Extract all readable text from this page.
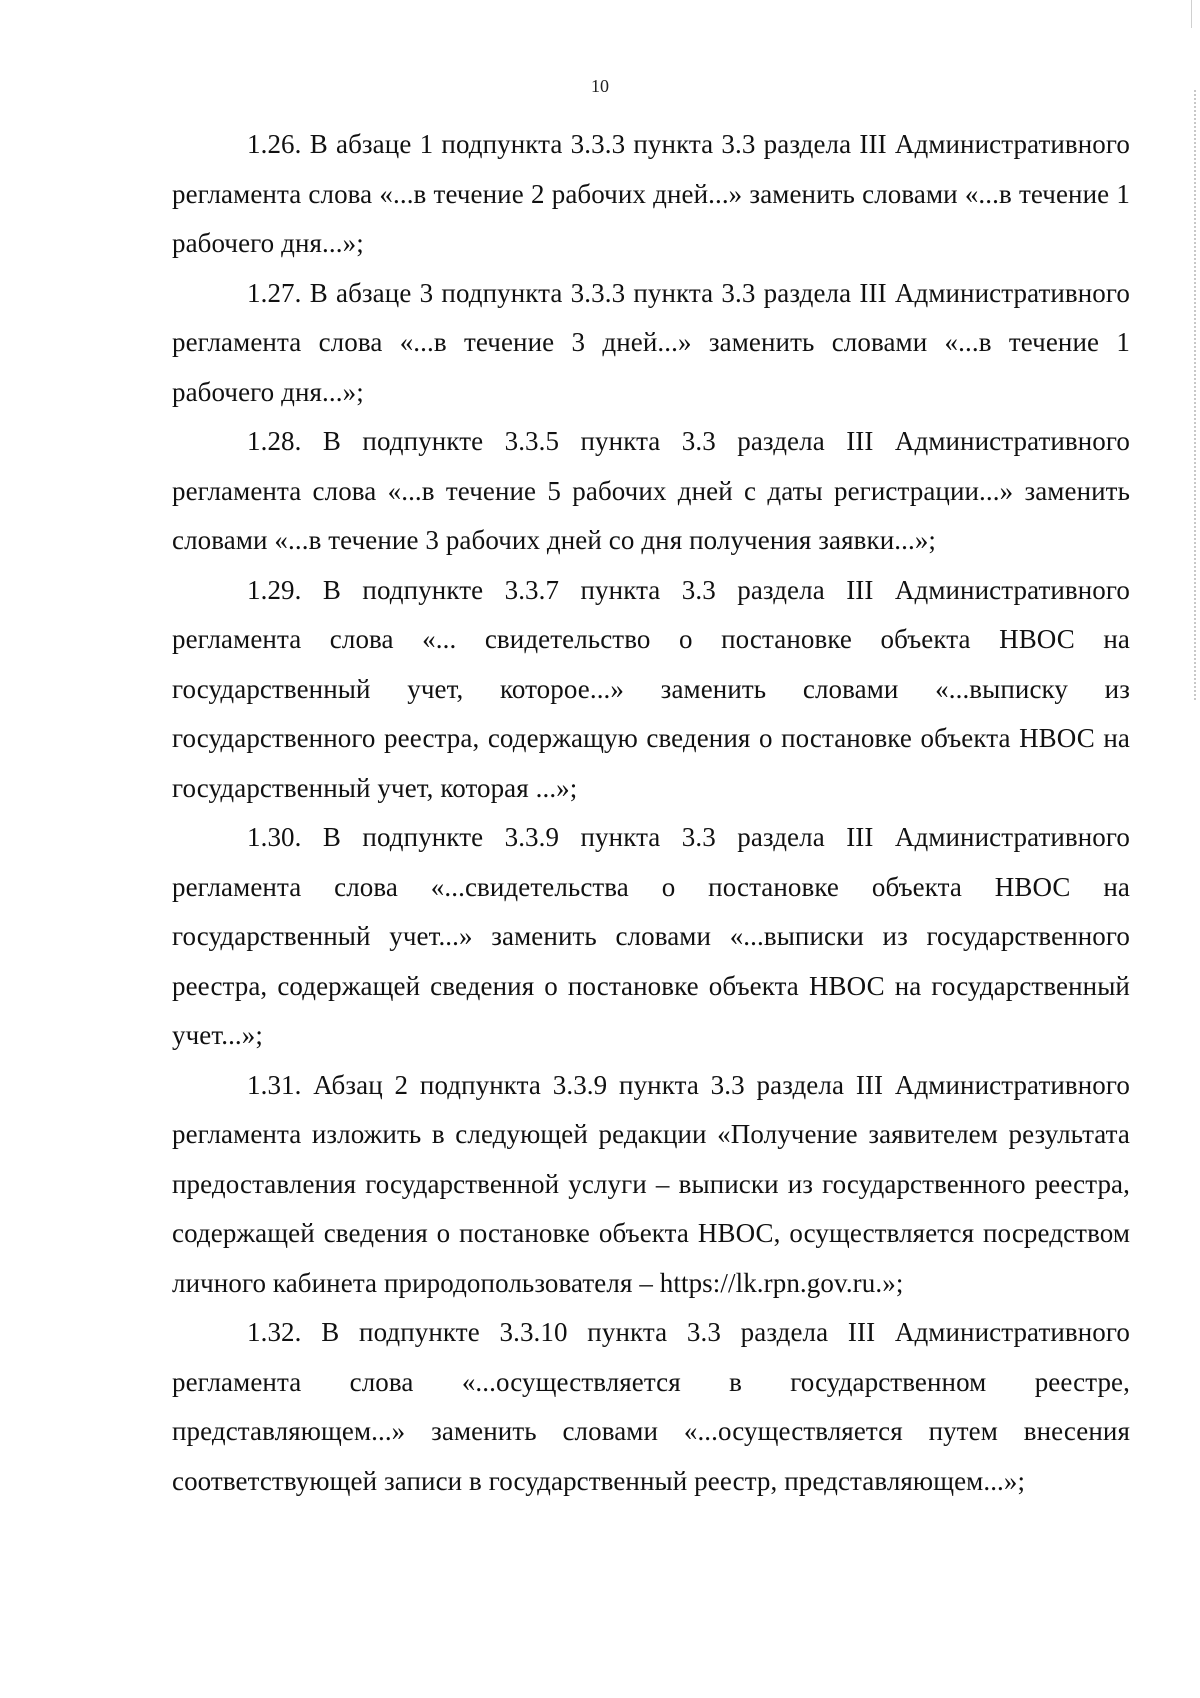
10

1.26. В абзаце 1 подпункта 3.3.3 пункта 3.3 раздела III Административного регламента слова «...в течение 2 рабочих дней...» заменить словами «...в течение 1 рабочего дня...»;

1.27. В абзаце 3 подпункта 3.3.3 пункта 3.3 раздела III Административного регламента слова «...в течение 3 дней...» заменить словами «...в течение 1 рабочего дня...»;

1.28. В подпункте 3.3.5 пункта 3.3 раздела III Административного регламента слова «...в течение 5 рабочих дней с даты регистрации...» заменить словами «...в течение 3 рабочих дней со дня получения заявки...»;

1.29. В подпункте 3.3.7 пункта 3.3 раздела III Административного регламента слова «... свидетельство о постановке объекта НВОС на государственный учет, которое...» заменить словами «...выписку из государственного реестра, содержащую сведения о постановке объекта НВОС на государственный учет, которая ...»;

1.30. В подпункте 3.3.9 пункта 3.3 раздела III Административного регламента слова «...свидетельства о постановке объекта НВОС на государственный учет...» заменить словами «...выписки из государственного реестра, содержащей сведения о постановке объекта НВОС на государственный учет...»;

1.31. Абзац 2 подпункта 3.3.9 пункта 3.3 раздела III Административного регламента изложить в следующей редакции «Получение заявителем результата предоставления государственной услуги – выписки из государственного реестра, содержащей сведения о постановке объекта НВОС, осуществляется посредством личного кабинета природопользователя – https://lk.rpn.gov.ru.»;

1.32. В подпункте 3.3.10 пункта 3.3 раздела III Административного регламента слова «...осуществляется в государственном реестре, представляющем...» заменить словами «...осуществляется путем внесения соответствующей записи в государственный реестр, представляющем...»;
